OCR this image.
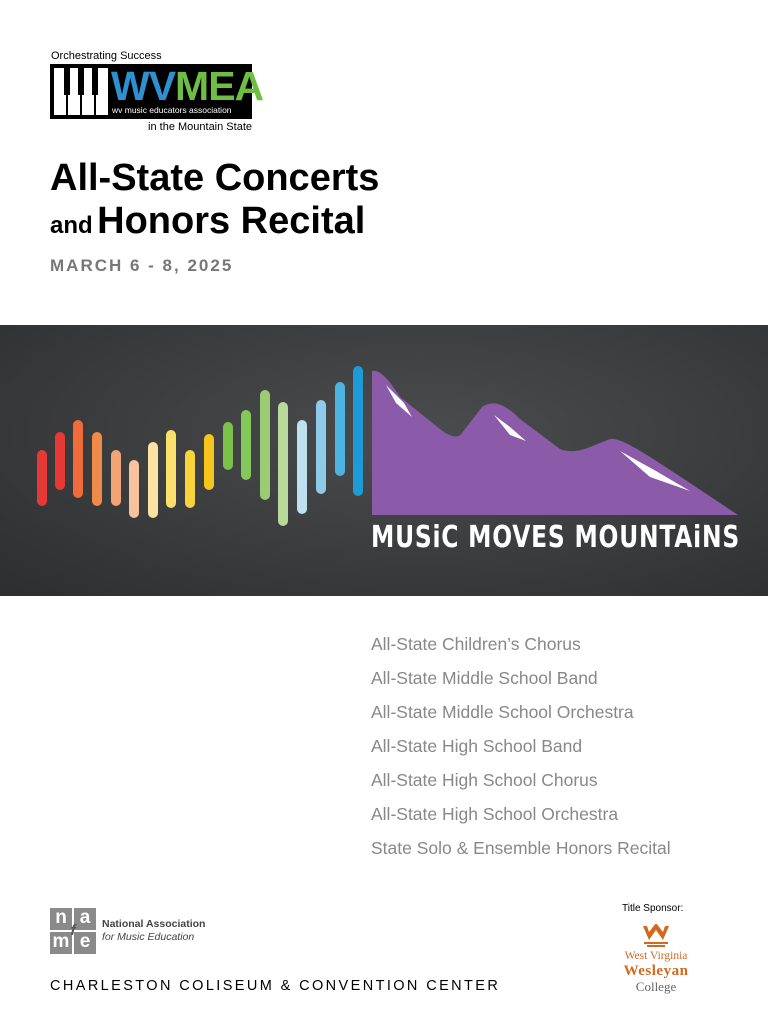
Orchestrating Success
WVMEA
wv music educators association
in the Mountain State
All-State Concerts
and Honors Recital
MARCH 6 - 8, 2025
MUSiC MOVES MOUNTAiNS
All-State Children’s Chorus
All-State Middle School Band
All-State Middle School Orchestra
All-State High School Band
All-State High School Chorus
All-State High School Orchestra
State Solo & Ensemble Honors Recital
n a
m e
f	National Association
for Music Education
CHARLESTON COLISEUM & CONVENTION CENTER
Title Sponsor:
West Virginia
Wesleyan
College
